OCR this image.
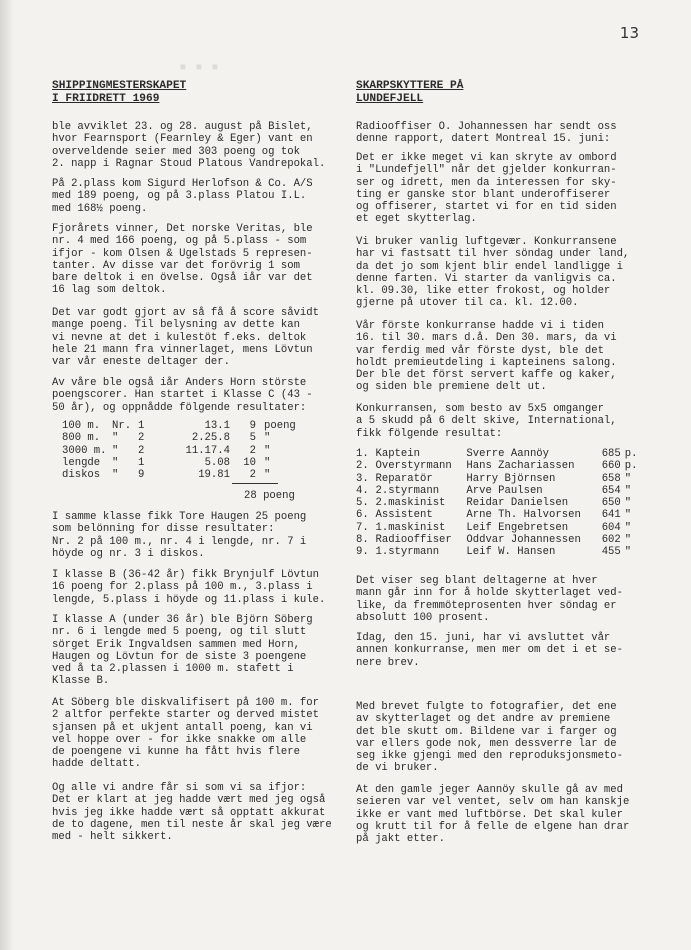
■ ■ ■
13
SHIPPINGMESTERSKAPET
I FRIIDRETT 1969

ble avviklet 23. og 28. august på Bislet,
hvor Fearnsport (Fearnley & Eger) vant en
overveldende seier med 303 poeng og tok
2. napp i Ragnar Stoud Platous Vandrepokal.

På 2.plass kom Sigurd Herlofson & Co. A/S
med 189 poeng, og på 3.plass Platou I.L.
med 168½ poeng.

Fjorårets vinner, Det norske Veritas, ble
nr. 4 med 166 poeng, og på 5.plass - som
ifjor - kom Olsen & Ugelstads 5 represen-
tanter. Av disse var det forövrig 1 som
bare deltok i en övelse. Også iår var det
16 lag som deltok.

Det var godt gjort av så få å score såvidt
mange poeng. Til belysning av dette kan
vi nevne at det i kulestöt f.eks. deltok
hele 21 mann fra vinnerlaget, mens Lövtun
var vår eneste deltager der.

Av våre ble også iår Anders Horn störste
poengscorer. Han startet i Klasse C (43 -
50 år), og oppnådde fölgende resultater:

100 m.	Nr.	1	13.1	9	poeng
800 m.	"	2	2.25.8	5	"
3000 m.	"	2	11.17.4	2	"
lengde	"	1	5.08	10	"
diskos	"	9	19.81	2	"
28 poeng

I samme klasse fikk Tore Haugen 25 poeng
som belönning for disse resultater:
Nr. 2 på 100 m., nr. 4 i lengde, nr. 7 i
höyde og nr. 3 i diskos.

I klasse B (36-42 år) fikk Brynjulf Lövtun
16 poeng for 2.plass på 100 m., 3.plass i
lengde, 5.plass i höyde og 11.plass i kule.

I klasse A (under 36 år) ble Björn Söberg
nr. 6 i lengde med 5 poeng, og til slutt
sörget Erik Ingvaldsen sammen med Horn,
Haugen og Lövtun for de siste 3 poengene
ved å ta 2.plassen i 1000 m. stafett i
Klasse B.

At Söberg ble diskvalifisert på 100 m. for
2 altfor perfekte starter og derved mistet
sjansen på et ukjent antall poeng, kan vi
vel hoppe over - for ikke snakke om alle
de poengene vi kunne ha fått hvis flere
hadde deltatt.

Og alle vi andre får si som vi sa ifjor:
Det er klart at jeg hadde vært med jeg også
hvis jeg ikke hadde vært så opptatt akkurat
de to dagene, men til neste år skal jeg være
med - helt sikkert.

SKARPSKYTTERE PÅ
LUNDEFJELL

Radiooffiser O. Johannessen har sendt oss
denne rapport, datert Montreal 15. juni:

Det er ikke meget vi kan skryte av ombord
i "Lundefjell" når det gjelder konkurran-
ser og idrett, men da interessen for sky-
ting er ganske stor blant underoffiserer
og offiserer, startet vi for en tid siden
et eget skytterlag.

Vi bruker vanlig luftgevær. Konkurransene
har vi fastsatt til hver söndag under land,
da det jo som kjent blir endel landligge i
denne farten. Vi starter da vanligvis ca.
kl. 09.30, like etter frokost, og holder
gjerne på utover til ca. kl. 12.00.

Vår förste konkurranse hadde vi i tiden
16. til 30. mars d.å. Den 30. mars, da vi
var ferdig med vår förste dyst, ble det
holdt premieutdeling i kapteinens salong.
Der ble det först servert kaffe og kaker,
og siden ble premiene delt ut.

Konkurransen, som besto av 5x5 omganger
a 5 skudd på 6 delt skive, International,
fikk fölgende resultat:

1.	Kaptein	Sverre Aannöy	685	p.
2.	Overstyrmann	Hans Zachariassen	660	p.
3.	Reparatör	Harry Björnsen	658	"
4.	2.styrmann	Arve Paulsen	654	"
5.	2.maskinist	Reidar Danielsen	650	"
6.	Assistent	Arne Th. Halvorsen	641	"
7.	1.maskinist	Leif Engebretsen	604	"
8.	Radiooffiser	Oddvar Johannessen	602	"
9.	1.styrmann	Leif W. Hansen	455	"

Det viser seg blant deltagerne at hver
mann går inn for å holde skytterlaget ved-
like, da fremmöteprosenten hver söndag er
absolutt 100 prosent.

Idag, den 15. juni, har vi avsluttet vår
annen konkurranse, men mer om det i et se-
nere brev.

Med brevet fulgte to fotografier, det ene
av skytterlaget og det andre av premiene
det ble skutt om. Bildene var i farger og
var ellers gode nok, men dessverre lar de
seg ikke gjengi med den reproduksjonsmeto-
de vi bruker.

At den gamle jeger Aannöy skulle gå av med
seieren var vel ventet, selv om han kanskje
ikke er vant med luftbörse. Det skal kuler
og krutt til for å felle de elgene han drar
på jakt etter.
